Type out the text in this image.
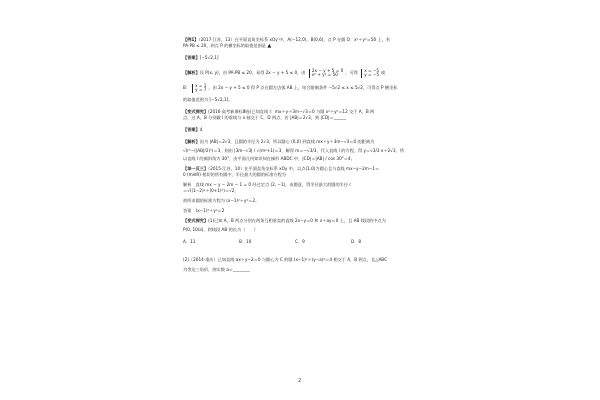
【例1】（2017·江苏，13）在平面直角坐标系 xOy 中，A(−12,0)，B(0,6)，点 P 在圆 O：x²＋y²＝50 上，若
PA·PB ≤ 20，则点 P 的横坐标的取值范围是 ▲
【答案】[−5√2,1]
【解析】设 P(x, y)，由 PA·PB ≤ 20，易得 2x − y + 5 ≤ 0，由 2x − y + 5 = 0
x² + y² = 50 ，可得 x = −5
y = −5 或
B： x = 1
y = 7 ，由 2x − y + 5 ≤ 0 得 P 点在圆左边弧 AB 上，结合限制条件 −5√2 ≤ x ≤ 5√2，可得点 P 横坐标
的取值范围为 [−5√2,1]。
【变式探究】(2016·高考新课标Ⅲ卷)已知直线 l：mx＋y＋3m−√3＝0 与圆 x²＋y²＝12 交于 A，B 两
点，过 A，B 分别做 l 的垂线与 x 轴交于 C，D 两点，若 |AB|＝2√3，则 |CD|＝______
【答案】4
【解析】因为 |AB|＝2√3，且圆的半径为 2√3，所以圆心 (0,0) 到直线 mx＋y＋3m−√3＝0 的距离为
√(r²−(|AB|/2)²)＝3，则由 |3m−√3| / √(m²+1)＝3，解得 m＝−√3/3，代入直线 l 的方程，得 y＝√3/3 x＋2√3，所
以直线 l 的倾斜角为 30°，由平面几何知识知在梯形 ABDC 中，|CD|＝|AB| / cos 30°＝4。
【举一反三】（2015·江苏，10）在平面直角坐标系 xOy 中，以点(1,0)为圆心且与直线 mx−y−2m−1＝
0 (m∈R) 相切的所有圆中，半径最大的圆的标准方程为
解析　直线 mx − y − 2m − 1 = 0 经过定点 (2, −1)，由题意，得半径最大的圆的半径 r
＝√((1−2)²＋(0+1)²)＝√2，
故所求圆的标准方程为 (x−1)²＋y²＝2。
答案　(x−1)²＋y²＝2
【变式探究】(1)已知 A，B 两点分别在两条互相垂直的直线 2x−y＝0 和 x＋ay＝0 上，且 AB 线段的中点为
P(0, 10/a)，则线段 AB 的长为（　　）
A．11	B．10	C．9	D．8
(2)（2014·重庆）已知直线 ax＋y−2＝0 与圆心为 C 的圆 (x−1)²＋(y−a)²＝4 相交于 A，B 两点，且△ABC
为等边三角形，则实数 a＝________
2
